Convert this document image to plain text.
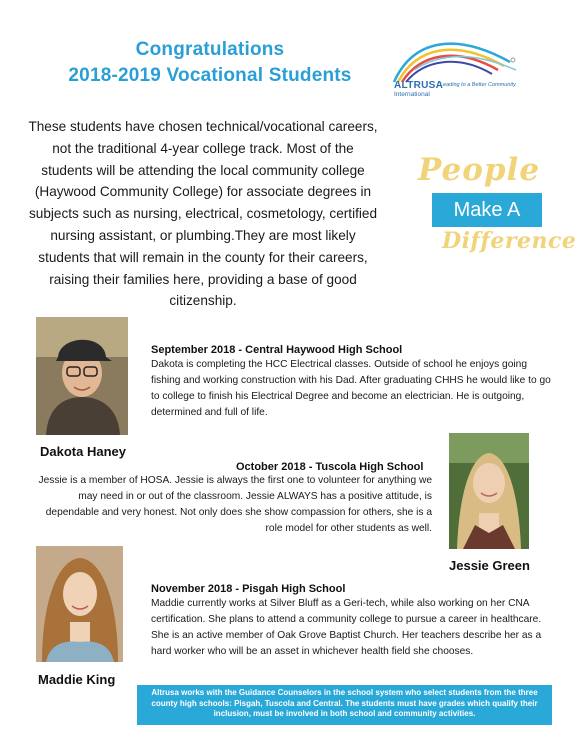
Congratulations
2018-2019 Vocational Students	ALTRUSA
International
Leading to a Better Community
These students have chosen technical/vocational careers, not the traditional 4-year college track. Most of the students will be attending the local community college (Haywood Community College) for associate degrees in subjects such as nursing, electrical, cosmetology, certified nursing assistant, or plumbing.They are most likely students that will remain in the county for their careers, raising their families here, providing a base of good citizenship.
People
Make A
Difference
Dakota Haney
September 2018 - Central Haywood High School
Dakota is completing the HCC Electrical classes. Outside of school he enjoys going fishing and working construction with his Dad. After graduating CHHS he would like to go to college to finish his Electrical Degree and become an electrician. He is outgoing, determined and full of life.
October 2018 - Tuscola High School
Jessie is a member of HOSA. Jessie is always the first one to volunteer for anything we may need in or out of the classroom. Jessie ALWAYS has a positive attitude, is dependable and very honest. Not only does she show compassion for others, she is a role model for other students as well.
Jessie Green
Maddie King
November 2018 - Pisgah High School
Maddie currently works at Silver Bluff as a Geri-tech, while also working on her CNA certification. She plans to attend a community college to pursue a career in healthcare. She is an active member of Oak Grove Baptist Church. Her teachers describe her as a hard worker who will be an asset in whichever health field she chooses.
Altrusa works with the Guidance Counselors in the school system who select students from the three county high schools: Pisgah, Tuscola and Central. The students must have grades which qualify their inclusion, must be involved in both school and community activities.
